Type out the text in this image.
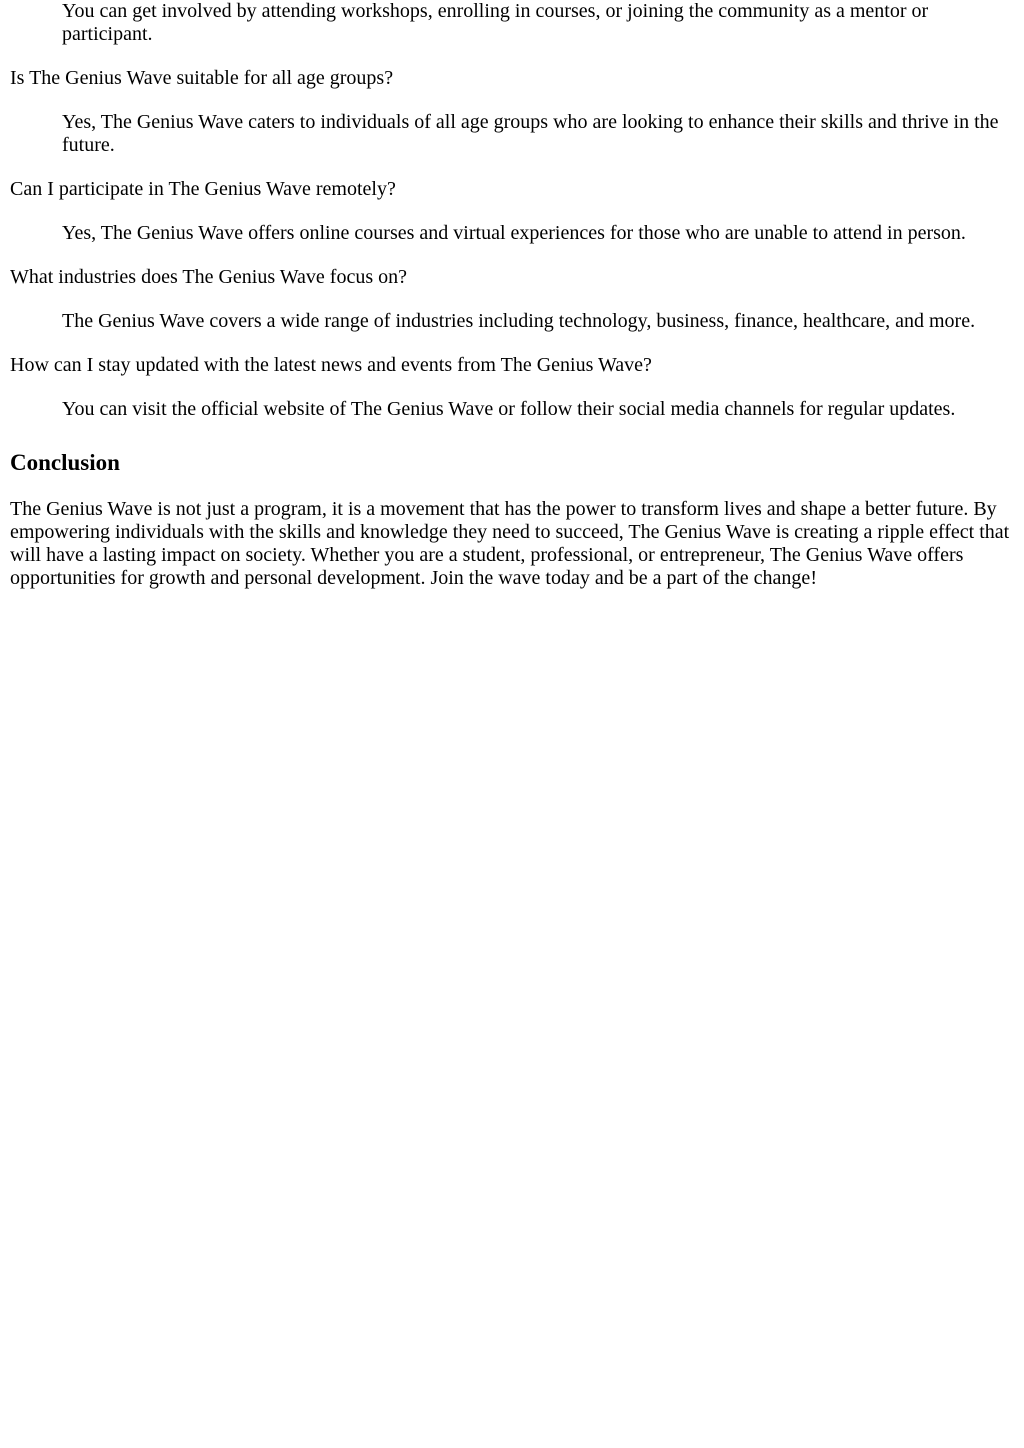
You can get involved by attending workshops, enrolling in courses, or joining the community as a mentor or participant.

Is The Genius Wave suitable for all age groups?

Yes, The Genius Wave caters to individuals of all age groups who are looking to enhance their skills and thrive in the future.

Can I participate in The Genius Wave remotely?

Yes, The Genius Wave offers online courses and virtual experiences for those who are unable to attend in person.

What industries does The Genius Wave focus on?

The Genius Wave covers a wide range of industries including technology, business, finance, healthcare, and more.

How can I stay updated with the latest news and events from The Genius Wave?

You can visit the official website of The Genius Wave or follow their social media channels for regular updates.

Conclusion

The Genius Wave is not just a program, it is a movement that has the power to transform lives and shape a better future. By empowering individuals with the skills and knowledge they need to succeed, The Genius Wave is creating a ripple effect that will have a lasting impact on society. Whether you are a student, professional, or entrepreneur, The Genius Wave offers opportunities for growth and personal development. Join the wave today and be a part of the change!
